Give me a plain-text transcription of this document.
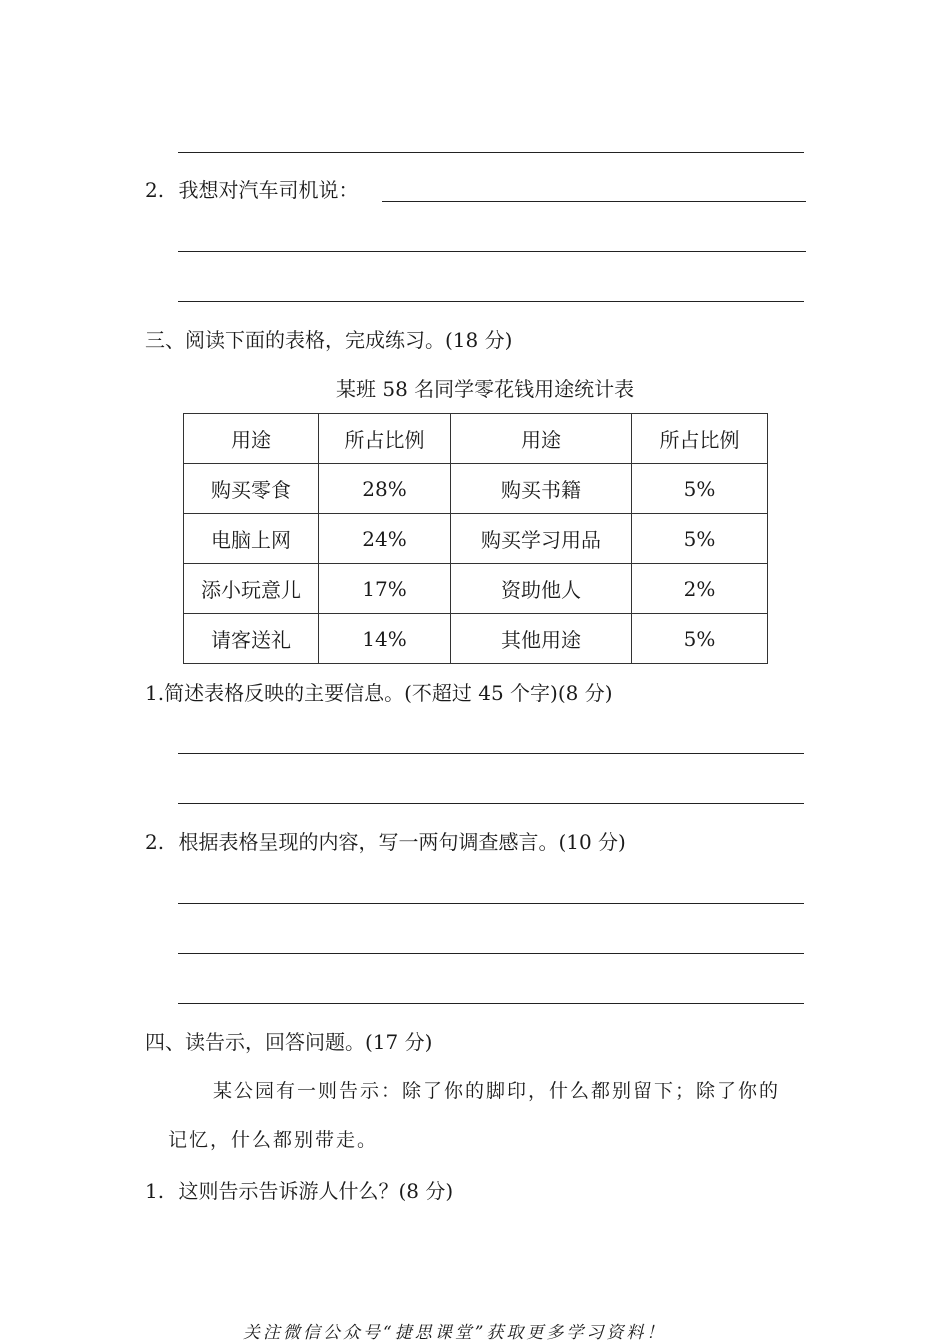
2. 我想对汽车司机说：
三、阅读下面的表格，完成练习。(18 分)
某班 58 名同学零花钱用途统计表
用途	所占比例	用途	所占比例
购买零食	28%	购买书籍	5%
电脑上网	24%	购买学习用品	5%
添小玩意儿	17%	资助他人	2%
请客送礼	14%	其他用途	5%
1.简述表格反映的主要信息。(不超过 45 个字)(8 分)
2. 根据表格呈现的内容，写一两句调查感言。(10 分)
四、读告示，回答问题。(17 分)
某公园有一则告示：除了你的脚印，什么都别留下；除了你的
记忆，什么都别带走。
1. 这则告示告诉游人什么？(8 分)
关注微信公众号“捷思课堂”获取更多学习资料！
